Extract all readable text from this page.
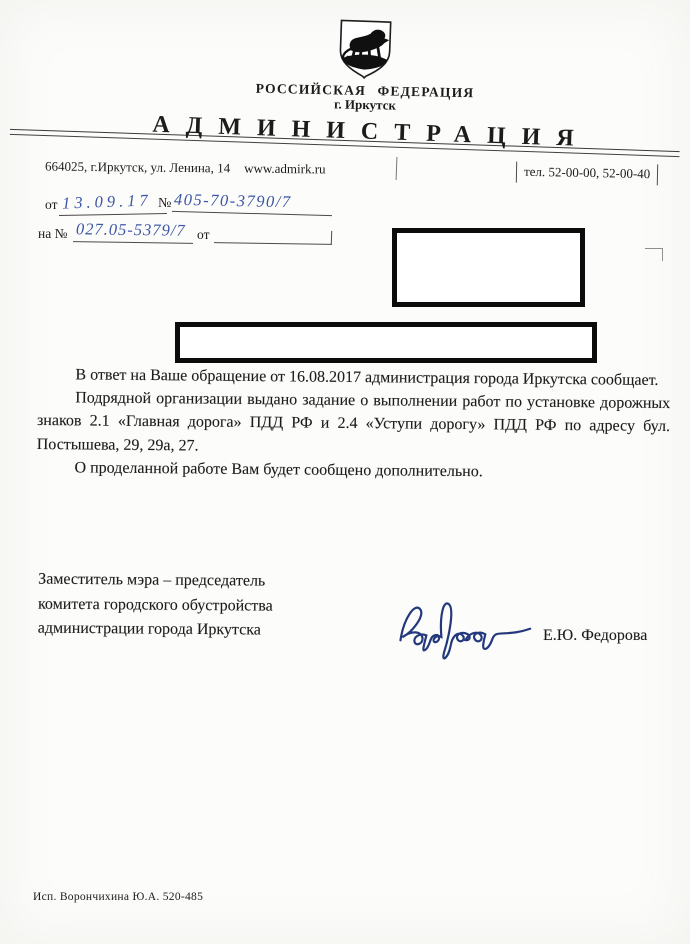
РОССИЙСКАЯ ФЕДЕРАЦИЯ
г. Иркутск
АДМИНИСТРАЦИЯ
664025, г.Иркутск, ул. Ленина, 14 www.admirk.ru	тел. 52-00-00, 52-00-40
от 13.09.17 № 405-70-3790/7
на № 027.05-5379/7 от

В ответ на Ваше обращение от 16.08.2017 администрация города Иркутска сообщает.

Подрядной организации выдано задание о выполнении работ по установке дорожных знаков 2.1 «Главная дорога» ПДД РФ и 2.4 «Уступи дорогу» ПДД РФ по адресу бул. Постышева, 29, 29а, 27.

О проделанной работе Вам будет сообщено дополнительно.

Заместитель мэра – председатель
комитета городского обустройства
администрации города Иркутска	Е.Ю. Федорова
Исп. Ворончихина Ю.А. 520-485
